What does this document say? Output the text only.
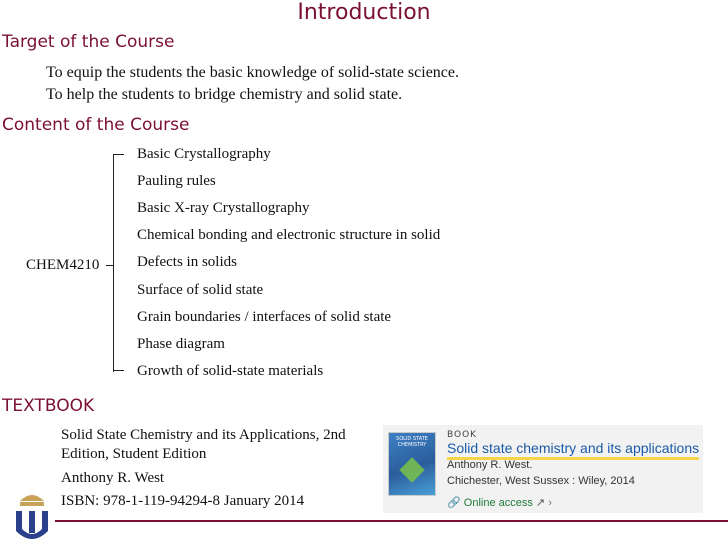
Introduction
Target of the Course
To equip the students the basic knowledge of solid-state science.
To help the students to bridge chemistry and solid state.
Content of the Course
CHEM4210
Basic Crystallography
Pauling rules
Basic X-ray Crystallography
Chemical bonding and electronic structure in solid
Defects in solids
Surface of solid state
Grain boundaries / interfaces of solid state
Phase diagram
Growth of solid-state materials
TEXTBOOK
Solid State Chemistry and its Applications, 2nd
Edition, Student Edition
Anthony R. West
ISBN: 978-1-119-94294-8 January 2014
SOLID STATE CHEMISTRY
BOOK
Solid state chemistry and its applications
Anthony R. West.
Chichester, West Sussex : Wiley, 2014
🔗 Online access ↗ ›
